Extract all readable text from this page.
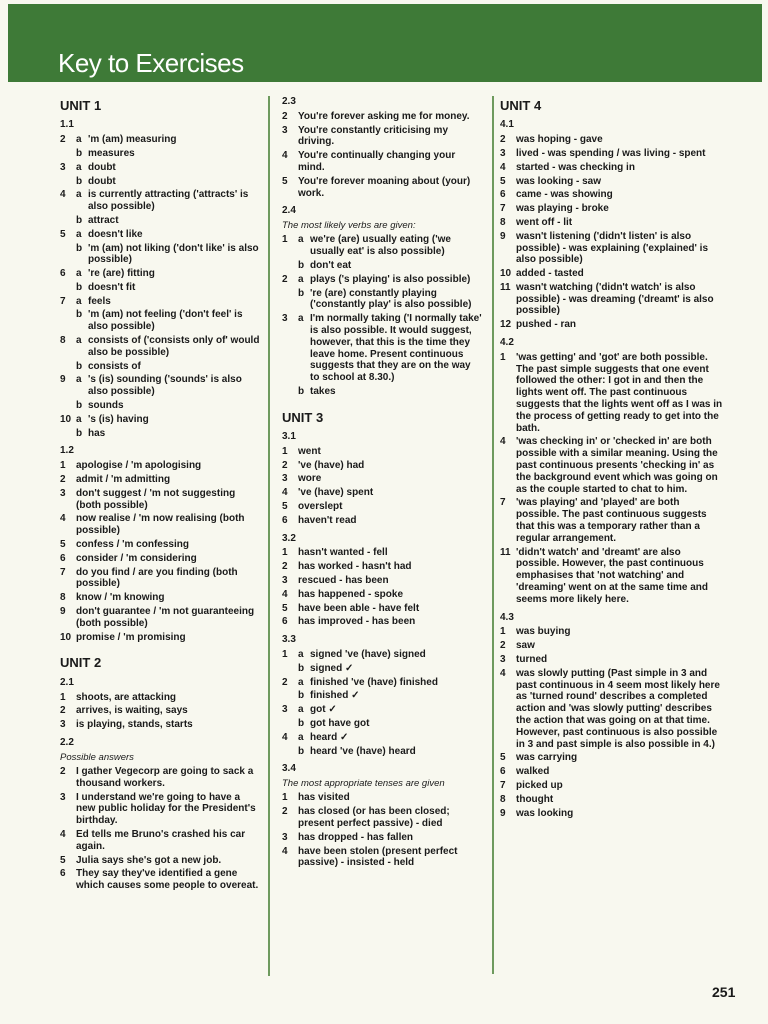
Key to Exercises
UNIT 1
1.1
2	a 'm (am) measuring
b measures
3	a doubt
b doubt
4	a is currently attracting ('attracts' is also possible)
b attract
5	a doesn't like
b 'm (am) not liking ('don't like' is also possible)
6	a 're (are) fitting
b doesn't fit
7	a feels
b 'm (am) not feeling ('don't feel' is also possible)
8	a consists of ('consists only of' would also be possible)
b consists of
9	a 's (is) sounding ('sounds' is also also possible)
b sounds
10 a 's (is) having
b has
1.2
1	apologise / 'm apologising
2	admit / 'm admitting
3	don't suggest / 'm not suggesting (both possible)
4	now realise / 'm now realising (both possible)
5	confess / 'm confessing
6	consider / 'm considering
7	do you find / are you finding (both possible)
8	know / 'm knowing
9	don't guarantee / 'm not guaranteeing (both possible)
10 promise / 'm promising
UNIT 2
2.1
1	shoots, are attacking
2	arrives, is waiting, says
3	is playing, stands, starts
2.2
Possible answers
2	I gather Vegecorp are going to sack a thousand workers.
3	I understand we're going to have a new public holiday for the President's birthday.
4	Ed tells me Bruno's crashed his car again.
5	Julia says she's got a new job.
6	They say they've identified a gene which causes some people to overeat.
2.3
2	You're forever asking me for money.
3	You're constantly criticising my driving.
4	You're continually changing your mind.
5	You're forever moaning about (your) work.
2.4
The most likely verbs are given:
1	a we're (are) usually eating ('we usually eat' is also possible)
b don't eat
2	a plays ('s playing' is also possible)
b 're (are) constantly playing ('constantly play' is also possible)
3	a I'm normally taking ('I normally take' is also possible. It would suggest, however, that this is the time they leave home. Present continuous suggests that they are on the way to school at 8.30.)
b takes
UNIT 3
3.1
1	went
2	've (have) had
3	wore
4	've (have) spent
5	overslept
6	haven't read
3.2
1	hasn't wanted - fell
2	has worked - hasn't had
3	rescued - has been
4	has happened - spoke
5	have been able - have felt
6	has improved - has been
3.3
1	a signed 've (have) signed
b signed ✓
2	a finished 've (have) finished
b finished ✓
3	a got ✓
b got have got
4	a heard ✓
b heard 've (have) heard
3.4
The most appropriate tenses are given
1	has visited
2	has closed (or has been closed; present perfect passive) - died
3	has dropped - has fallen
4	have been stolen (present perfect passive) - insisted - held
UNIT 4
4.1
2	was hoping - gave
3	lived - was spending / was living - spent
4	started - was checking in
5	was looking - saw
6	came - was showing
7	was playing - broke
8	went off - lit
9	wasn't listening ('didn't listen' is also possible) - was explaining ('explained' is also possible)
10 added - tasted
11 wasn't watching ('didn't watch' is also possible) - was dreaming ('dreamt' is also possible)
12 pushed - ran
4.2
1	'was getting' and 'got' are both possible. The past simple suggests that one event followed the other: I got in and then the lights went off. The past continuous suggests that the lights went off as I was in the process of getting ready to get into the bath.
4	'was checking in' or 'checked in' are both possible with a similar meaning. Using the past continuous presents 'checking in' as the background event which was going on as the couple started to chat to him.
7	'was playing' and 'played' are both possible. The past continuous suggests that this was a temporary rather than a regular arrangement.
11 'didn't watch' and 'dreamt' are also possible. However, the past continuous emphasises that 'not watching' and 'dreaming' went on at the same time and seems more likely here.
4.3
1	was buying
2	saw
3	turned
4	was slowly putting (Past simple in 3 and past continuous in 4 seem most likely here as 'turned round' describes a completed action and 'was slowly putting' describes the action that was going on at that time. However, past continuous is also possible in 3 and past simple is also possible in 4.)
5	was carrying
6	walked
7	picked up
8	thought
9	was looking
251
